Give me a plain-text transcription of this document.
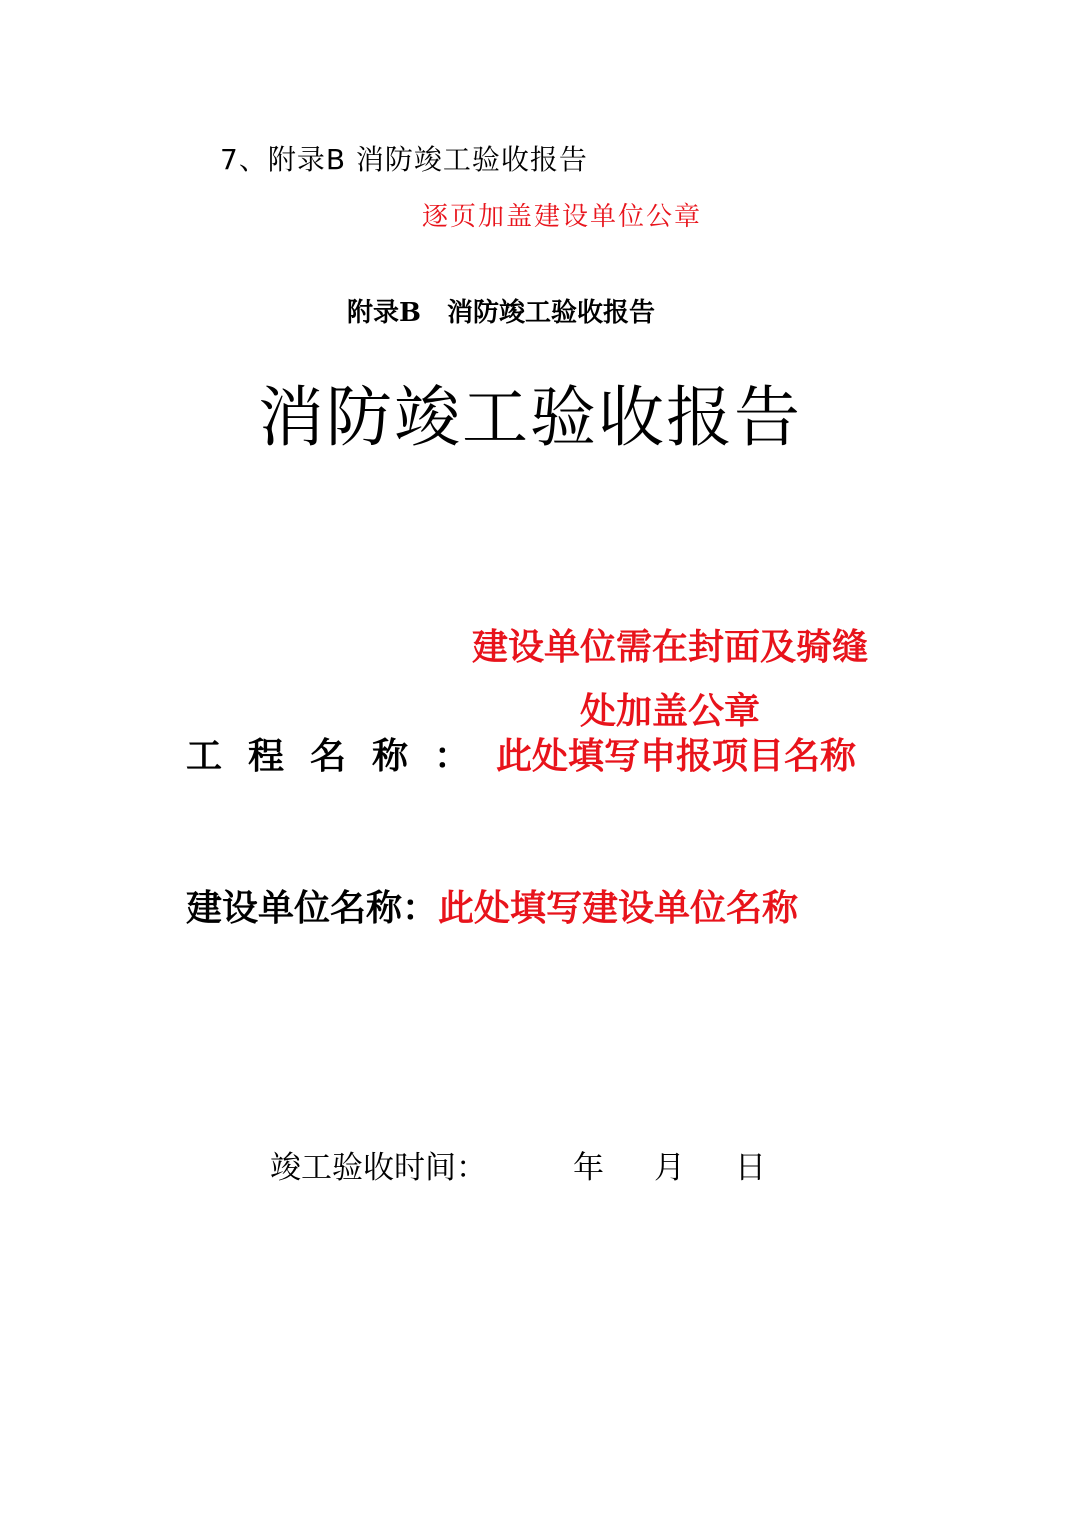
7、附录B 消防竣工验收报告
逐页加盖建设单位公章
附录B　消防竣工验收报告
消防竣工验收报告
建设单位需在封面及骑缝处加盖公章
工程名称：此处填写申报项目名称
建设单位名称：此处填写建设单位名称
竣工验收时间：	年 月 日
